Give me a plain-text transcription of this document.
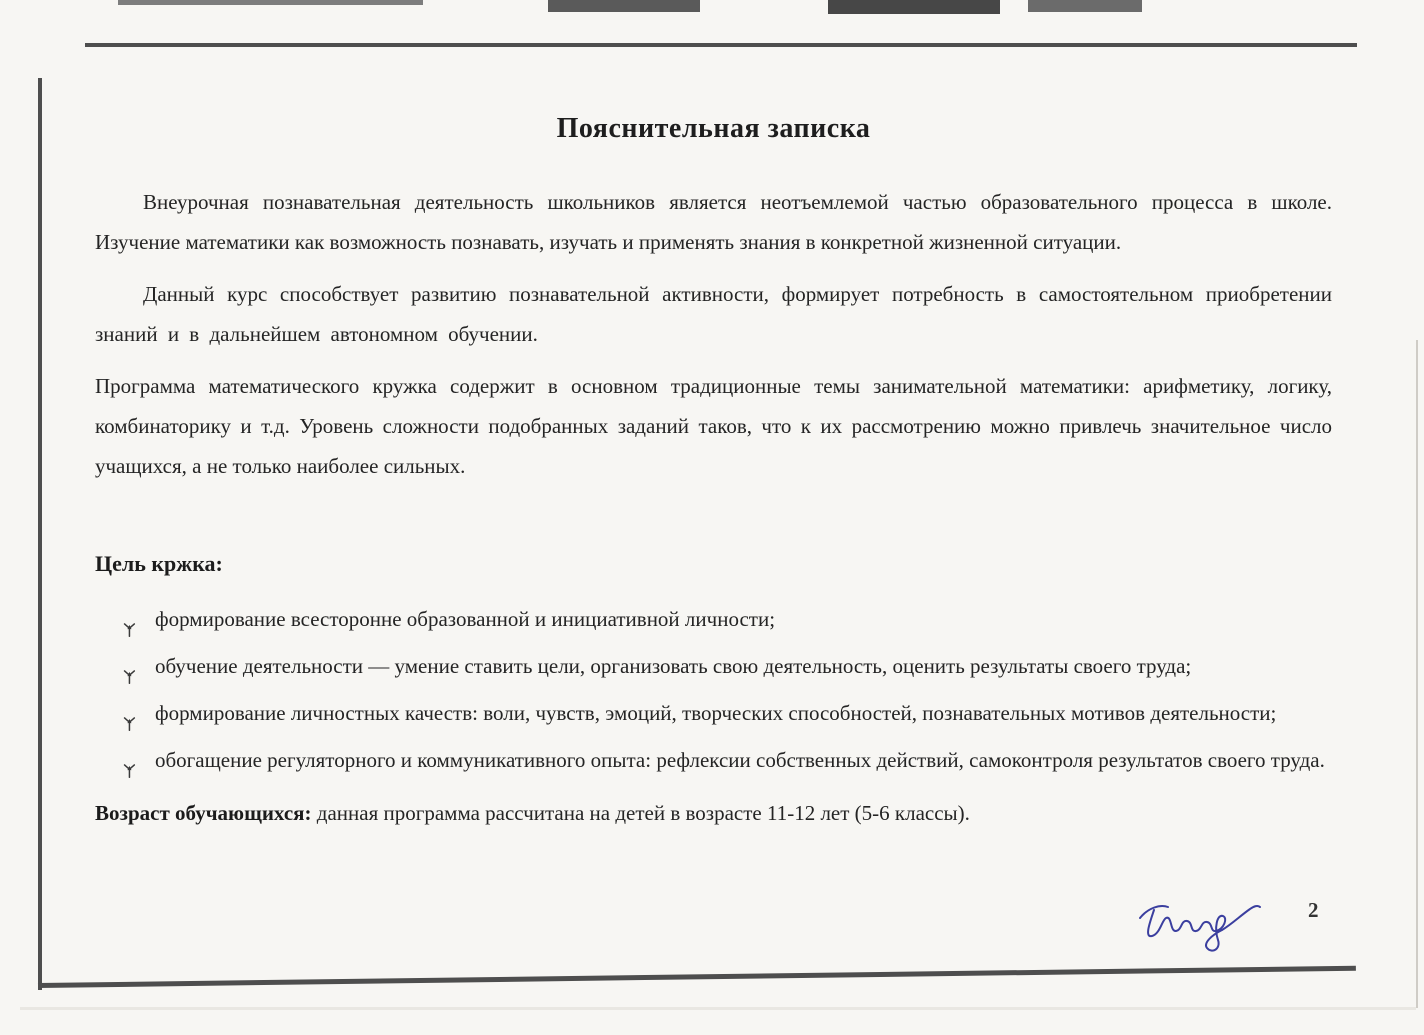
Пояснительная записка

Внеурочная познавательная деятельность школьников является неотъемлемой частью образовательного процесса в школе. Изучение математики как возможность познавать, изучать и применять знания в конкретной жизненной ситуации.

Данный курс способствует развитию познавательной активности, формирует потребность в самостоятельном приобретении знаний и в дальнейшем автономном обучении.

Программа математического кружка содержит в основном традиционные темы занимательной математики: арифметику, логику, комбинаторику и т.д. Уровень сложности подобранных заданий таков, что к их рассмотрению можно привлечь значительное число учащихся, а не только наиболее сильных.

Цель кржка:
формирование всесторонне образованной и инициативной личности;
обучение деятельности — умение ставить цели, организовать свою деятельность, оценить результаты своего труда;
формирование личностных качеств: воли, чувств, эмоций, творческих способностей, познавательных мотивов деятельности;
обогащение регуляторного и коммуникативного опыта: рефлексии собственных действий, самоконтроля результатов своего труда.

Возраст обучающихся: данная программа рассчитана на детей в возрасте 11-12 лет (5-6 классы).

2
